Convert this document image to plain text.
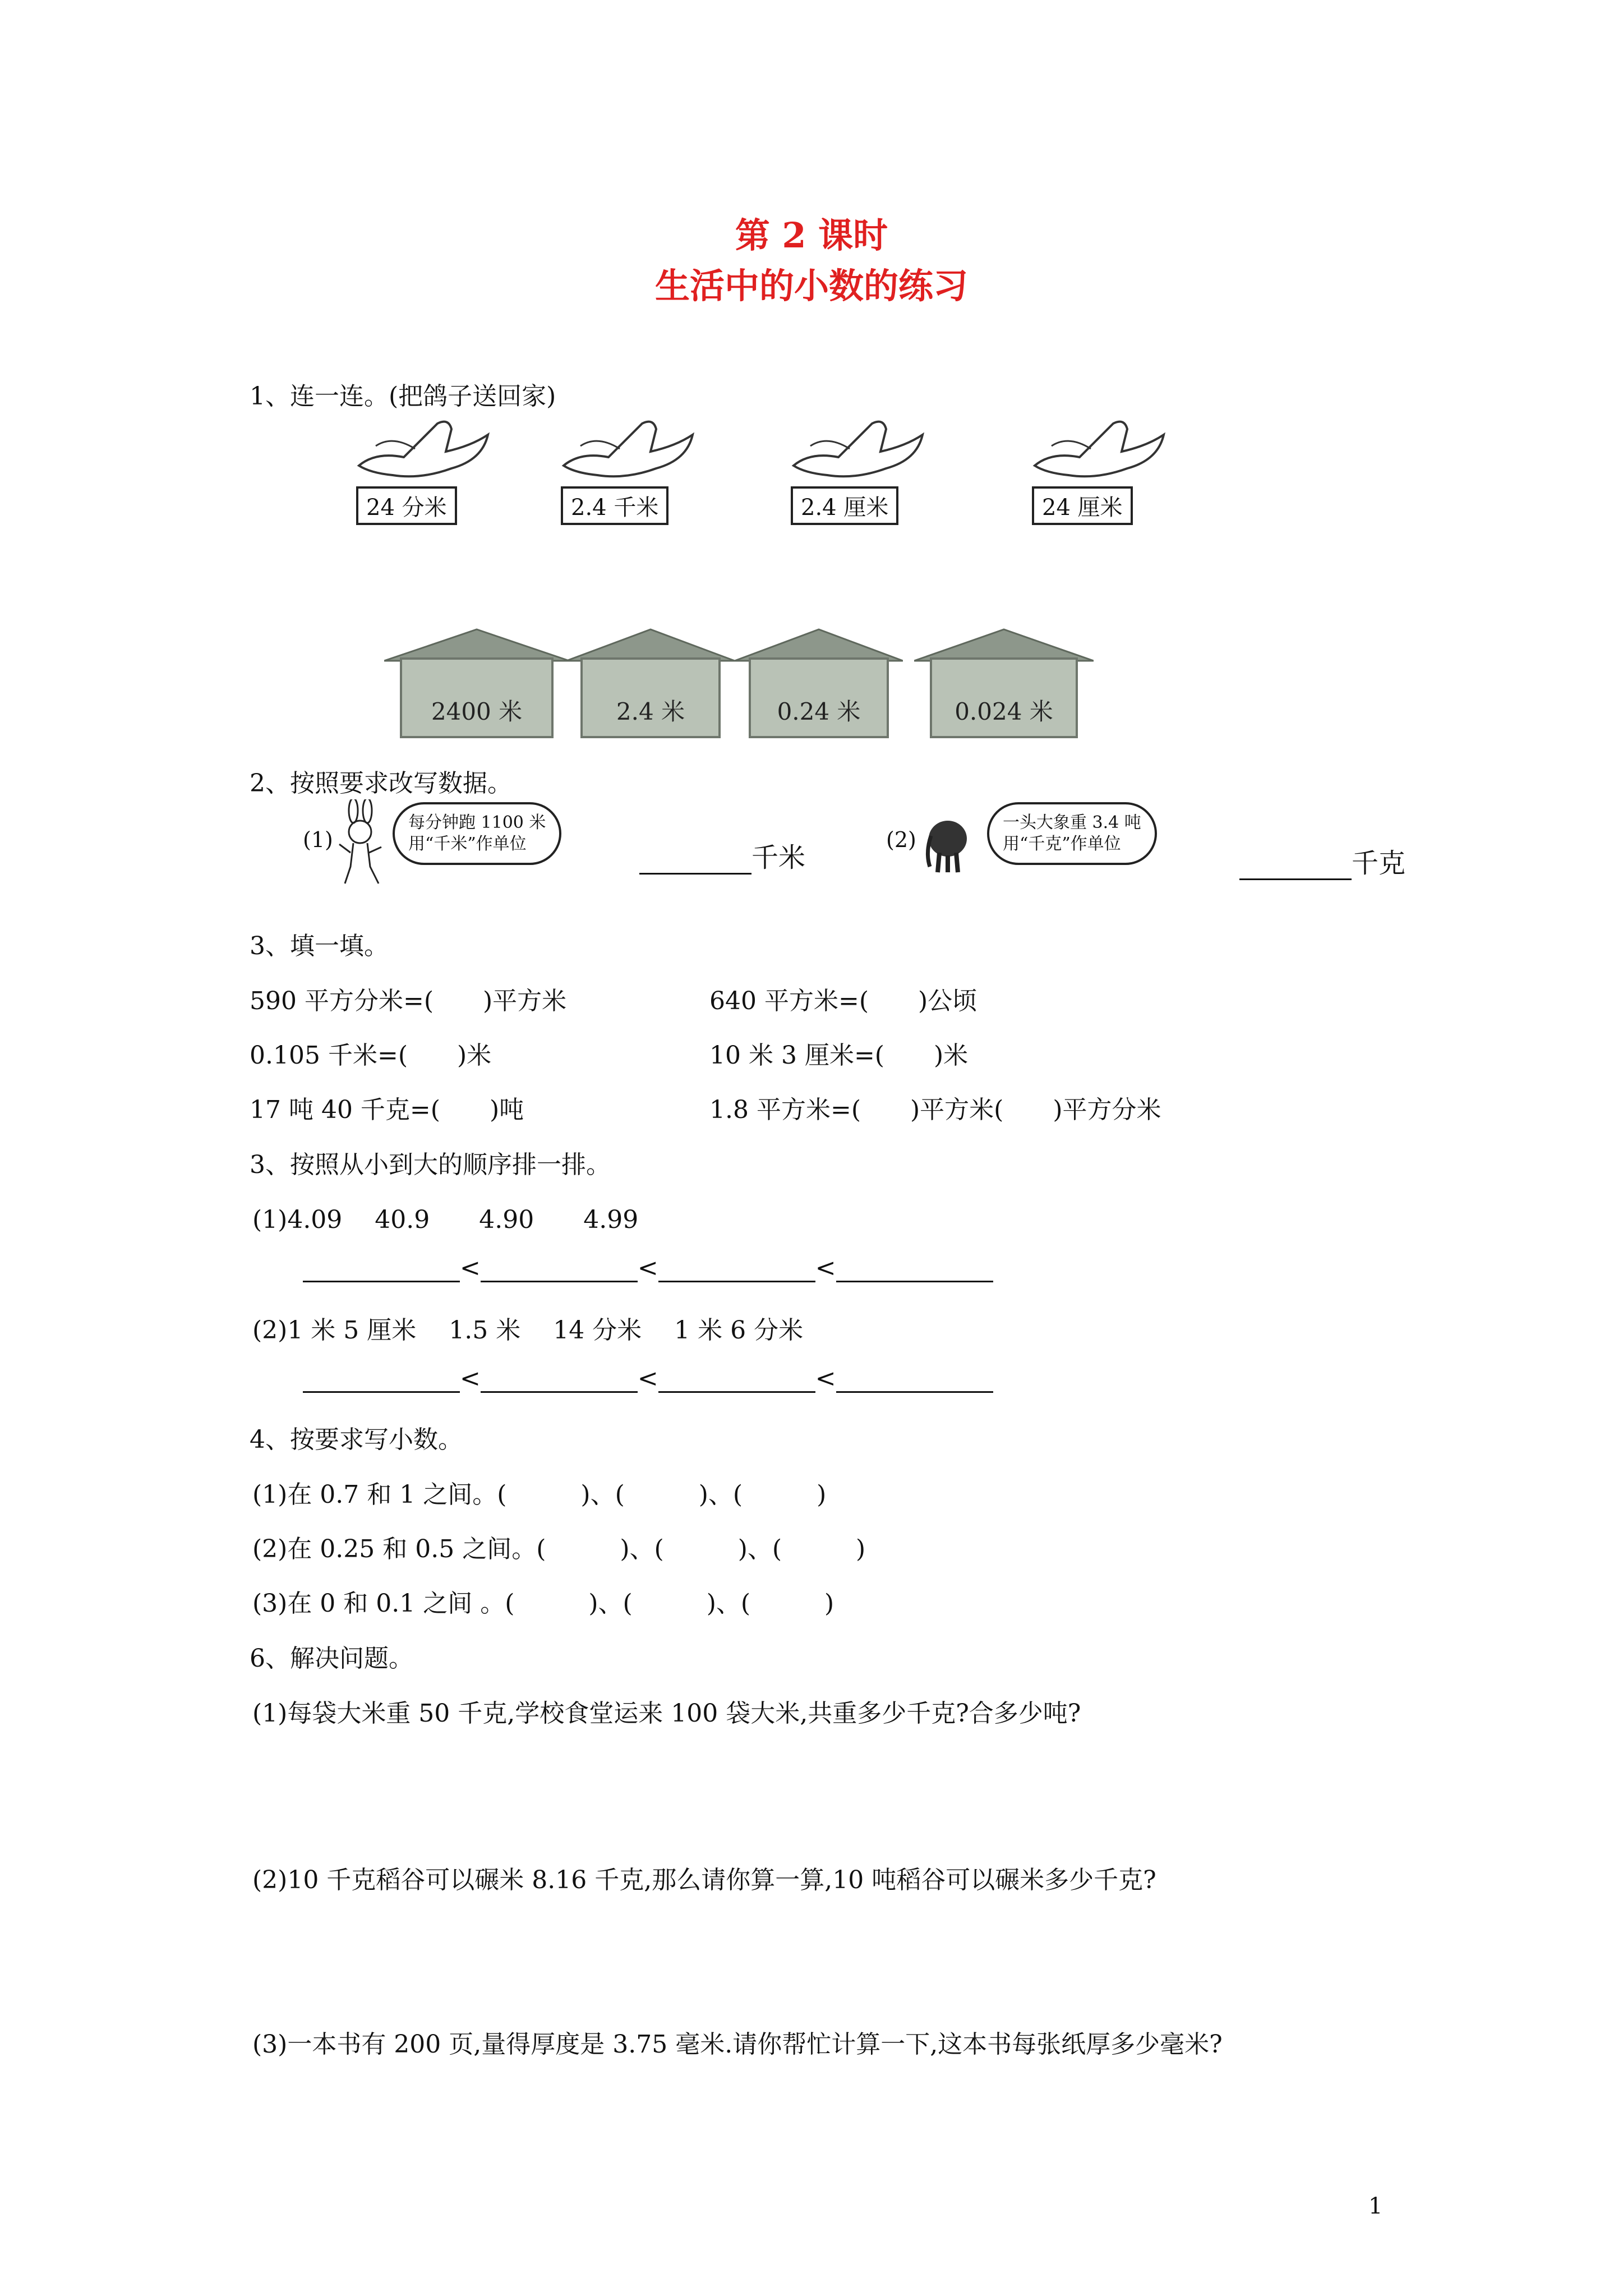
第 2 课时
生活中的小数的练习
1、连一连。(把鸽子送回家)
24 分米	2.4 千米	2.4 厘米	24 厘米
2400 米	2.4 米	0.24 米	0.024 米
2、按照要求改写数据。
(1)
每分钟跑 1100 米
用“千米”作单位	千米
(2)
一头大象重 3.4 吨
用“千克”作单位
千克
3、填一填。
590 平方分米=(　　)平方米	640 平方米=(　　)公顷
0.105 千米=(　　)米	10 米 3 厘米=(　　)米
17 吨 40 千克=(　　)吨	1.8 平方米=(　　)平方米(　　)平方分米
3、按照从小到大的顺序排一排。
(1)4.09　 40.9　　4.90　　4.99
<	<	<
(2)1 米 5 厘米　 1.5 米　 14 分米　 1 米 6 分米
<	<	<
4、按要求写小数。
(1)在 0.7 和 1 之间。(　　　)、(　　　)、(　　　)
(2)在 0.25 和 0.5 之间。(　　　)、(　　　)、(　　　)
(3)在 0 和 0.1 之间 。(　　　)、(　　　)、(　　　)
6、解决问题。
(1)每袋大米重 50 千克,学校食堂运来 100 袋大米,共重多少千克?合多少吨?
(2)10 千克稻谷可以碾米 8.16 千克,那么请你算一算,10 吨稻谷可以碾米多少千克?
(3)一本书有 200 页,量得厚度是 3.75 毫米.请你帮忙计算一下,这本书每张纸厚多少毫米?
1
